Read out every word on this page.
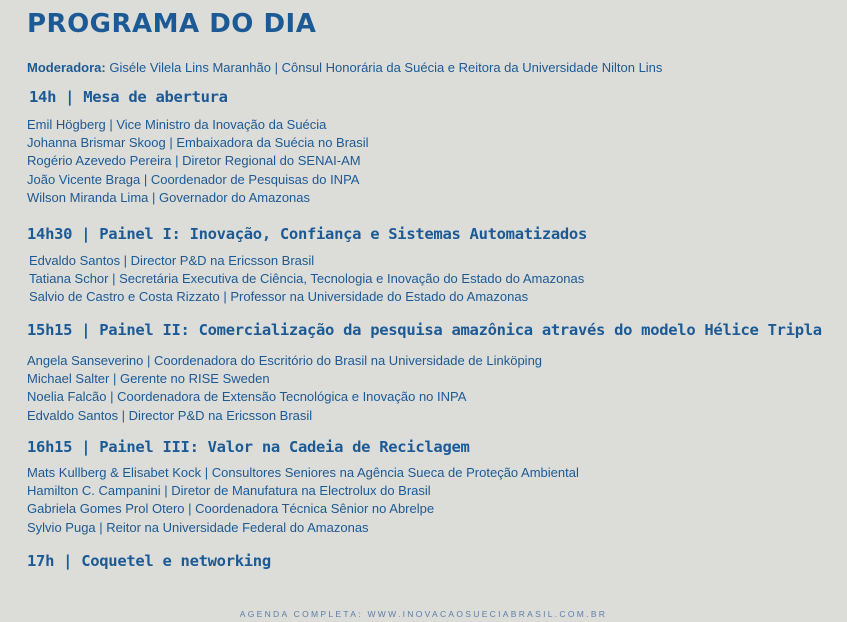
PROGRAMA DO DIA
Moderadora: Giséle Vilela Lins Maranhão | Cônsul Honorária da Suécia e Reitora da Universidade Nilton Lins
14h | Mesa de abertura
Emil Högberg | Vice Ministro da Inovação da Suécia
Johanna Brismar Skoog | Embaixadora da Suécia no Brasil
Rogério Azevedo Pereira | Diretor Regional do SENAI-AM
João Vicente Braga | Coordenador de Pesquisas do INPA
Wilson Miranda Lima | Governador do Amazonas
14h30 | Painel I: Inovação, Confiança e Sistemas Automatizados
Edvaldo Santos | Director P&D na Ericsson Brasil
Tatiana Schor | Secretária Executiva de Ciência, Tecnologia e Inovação do Estado do Amazonas
Salvio de Castro e Costa Rizzato | Professor na Universidade do Estado do Amazonas
15h15 | Painel II: Comercialização da pesquisa amazônica através do modelo Hélice Tripla
Angela Sanseverino | Coordenadora do Escritório do Brasil na Universidade de Linköping
Michael Salter | Gerente no RISE Sweden
Noelia Falcão | Coordenadora de Extensão Tecnológica e Inovação no INPA
Edvaldo Santos | Director P&D na Ericsson Brasil
16h15 | Painel III: Valor na Cadeia de Reciclagem
Mats Kullberg & Elisabet Kock | Consultores Seniores na Agência Sueca de Proteção Ambiental
Hamilton C. Campanini | Diretor de Manufatura na Electrolux do Brasil
Gabriela Gomes Prol Otero | Coordenadora Técnica Sênior no Abrelpe
Sylvio Puga | Reitor na Universidade Federal do Amazonas
17h | Coquetel e networking
AGENDA COMPLETA: WWW.INOVACAOSUECIABRASIL.COM.BR
